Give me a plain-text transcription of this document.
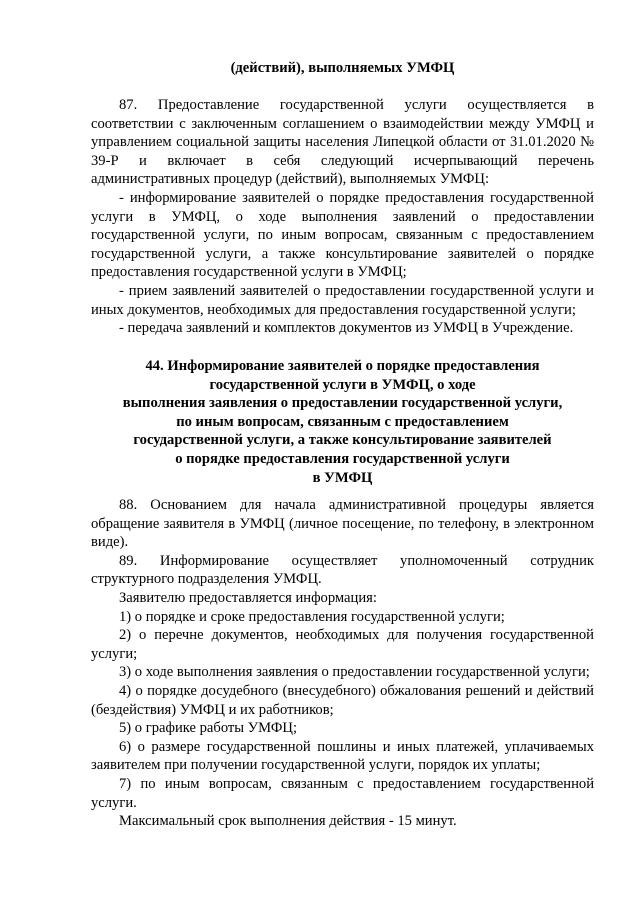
(действий), выполняемых УМФЦ

87. Предоставление государственной услуги осуществляется в соответствии с заключенным соглашением о взаимодействии между УМФЦ и управлением социальной защиты населения Липецкой области от 31.01.2020 № 39-Р и включает в себя следующий исчерпывающий перечень административных процедур (действий), выполняемых УМФЦ:

- информирование заявителей о порядке предоставления государственной услуги в УМФЦ, о ходе выполнения заявлений о предоставлении государственной услуги, по иным вопросам, связанным с предоставлением государственной услуги, а также консультирование заявителей о порядке предоставления государственной услуги в УМФЦ;

- прием заявлений заявителей о предоставлении государственной услуги и иных документов, необходимых для предоставления государственной услуги;

- передача заявлений и комплектов документов из УМФЦ в Учреждение.

44. Информирование заявителей о порядке предоставления
государственной услуги в УМФЦ, о ходе
выполнения заявления о предоставлении государственной услуги,
по иным вопросам, связанным с предоставлением
государственной услуги, а также консультирование заявителей
о порядке предоставления государственной услуги
в УМФЦ

88. Основанием для начала административной процедуры является обращение заявителя в УМФЦ (личное посещение, по телефону, в электронном виде).

89. Информирование осуществляет уполномоченный сотрудник структурного подразделения УМФЦ.

Заявителю предоставляется информация:

1) о порядке и сроке предоставления государственной услуги;

2) о перечне документов, необходимых для получения государственной услуги;

3) о ходе выполнения заявления о предоставлении государственной услуги;

4) о порядке досудебного (внесудебного) обжалования решений и действий (бездействия) УМФЦ и их работников;

5) о графике работы УМФЦ;

6) о размере государственной пошлины и иных платежей, уплачиваемых заявителем при получении государственной услуги, порядок их уплаты;

7) по иным вопросам, связанным с предоставлением государственной услуги.

Максимальный срок выполнения действия - 15 минут.
